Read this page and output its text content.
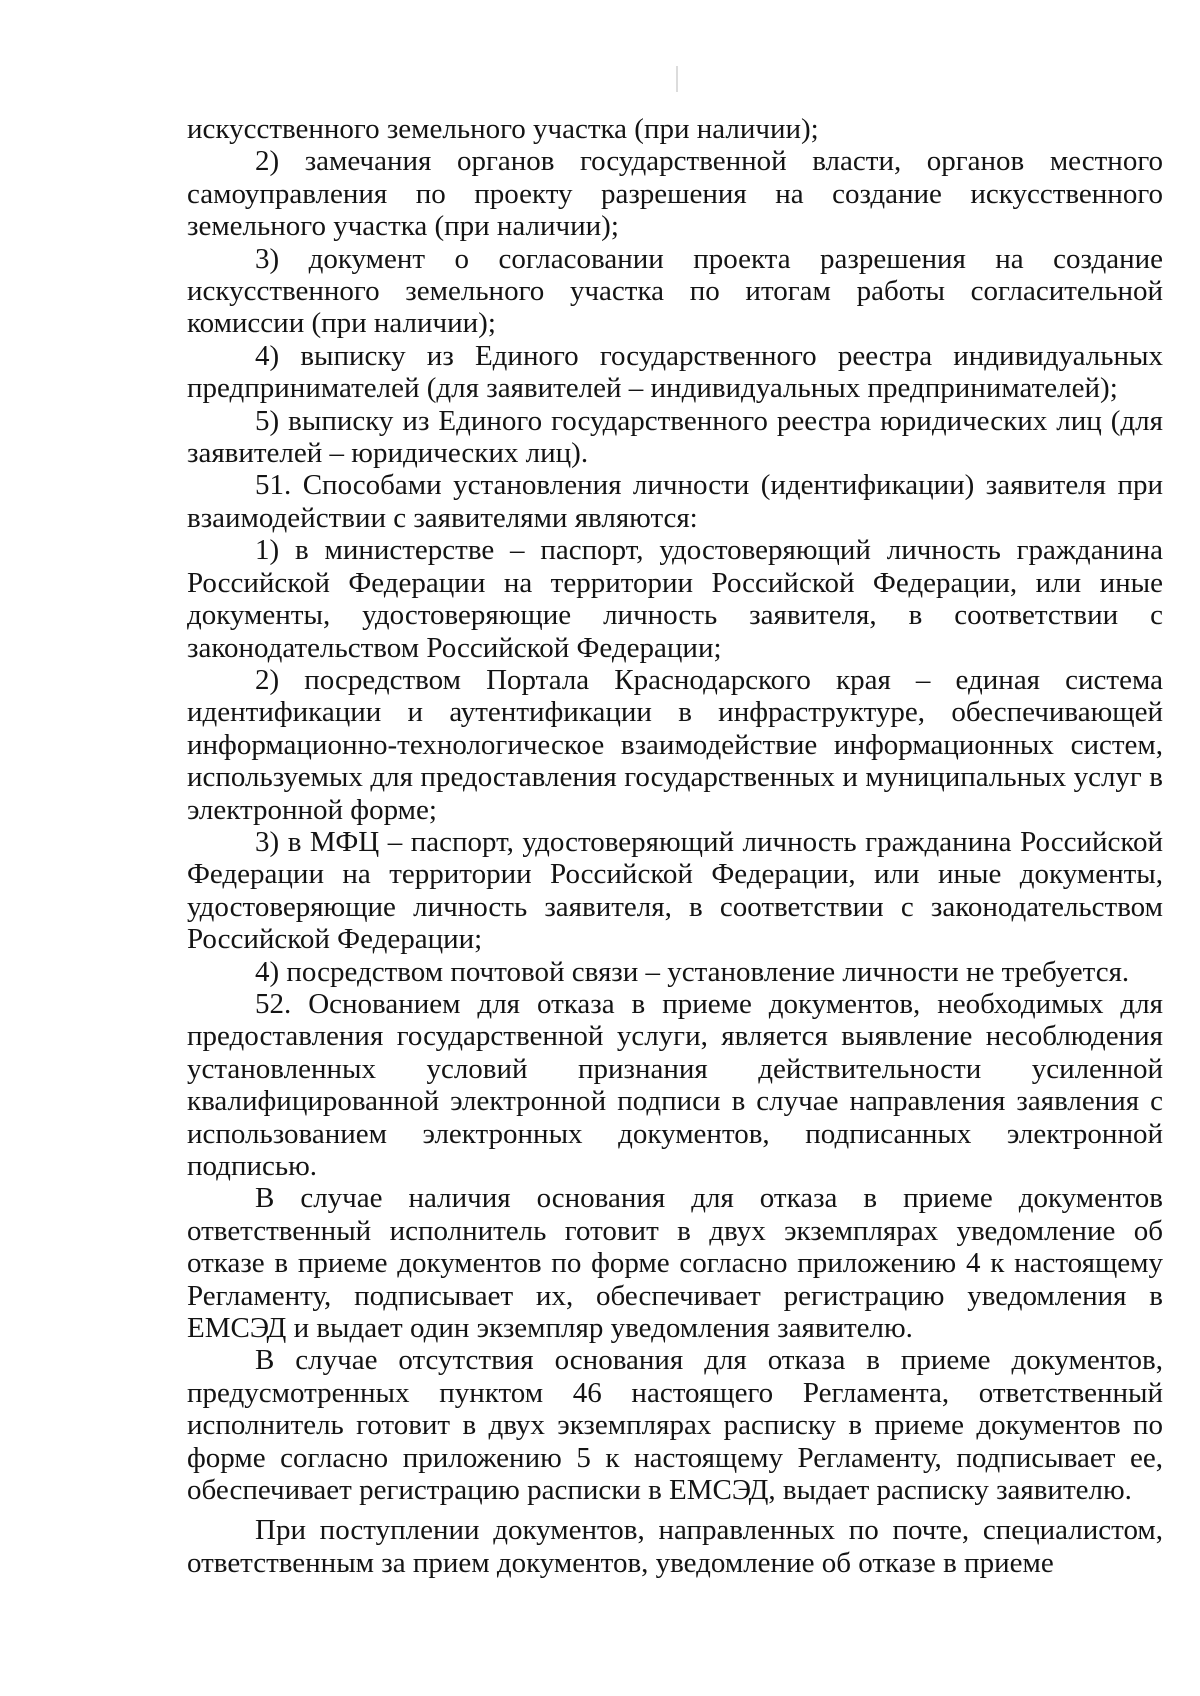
искусственного земельного участка (при наличии);

2) замечания органов государственной власти, органов местного самоуправления по проекту разрешения на создание искусственного земельного участка (при наличии);

3) документ о согласовании проекта разрешения на создание искусственного земельного участка по итогам работы согласительной комиссии (при наличии);

4) выписку из Единого государственного реестра индивидуальных предпринимателей (для заявителей – индивидуальных предпринимателей);

5) выписку из Единого государственного реестра юридических лиц (для заявителей – юридических лиц).

51. Способами установления личности (идентификации) заявителя при взаимодействии с заявителями являются:

1) в министерстве – паспорт, удостоверяющий личность гражданина Российской Федерации на территории Российской Федерации, или иные документы, удостоверяющие личность заявителя, в соответствии с законодательством Российской Федерации;

2) посредством Портала Краснодарского края – единая система идентификации и аутентификации в инфраструктуре, обеспечивающей информационно-технологическое взаимодействие информационных систем, используемых для предоставления государственных и муниципальных услуг в электронной форме;

3) в МФЦ – паспорт, удостоверяющий личность гражданина Российской Федерации на территории Российской Федерации, или иные документы, удостоверяющие личность заявителя, в соответствии с законодательством Российской Федерации;

4) посредством почтовой связи – установление личности не требуется.

52. Основанием для отказа в приеме документов, необходимых для предоставления государственной услуги, является выявление несоблюдения установленных условий признания действительности усиленной квалифицированной электронной подписи в случае направления заявления с использованием электронных документов, подписанных электронной подписью.

В случае наличия основания для отказа в приеме документов ответственный исполнитель готовит в двух экземплярах уведомление об отказе в приеме документов по форме согласно приложению 4 к настоящему Регламенту, подписывает их, обеспечивает регистрацию уведомления в ЕМСЭД и выдает один экземпляр уведомления заявителю.

В случае отсутствия основания для отказа в приеме документов, предусмотренных пунктом 46 настоящего Регламента, ответственный исполнитель готовит в двух экземплярах расписку в приеме документов по форме согласно приложению 5 к настоящему Регламенту, подписывает ее, обеспечивает регистрацию расписки в ЕМСЭД, выдает расписку заявителю.

При поступлении документов, направленных по почте, специалистом, ответственным за прием документов, уведомление об отказе в приеме
